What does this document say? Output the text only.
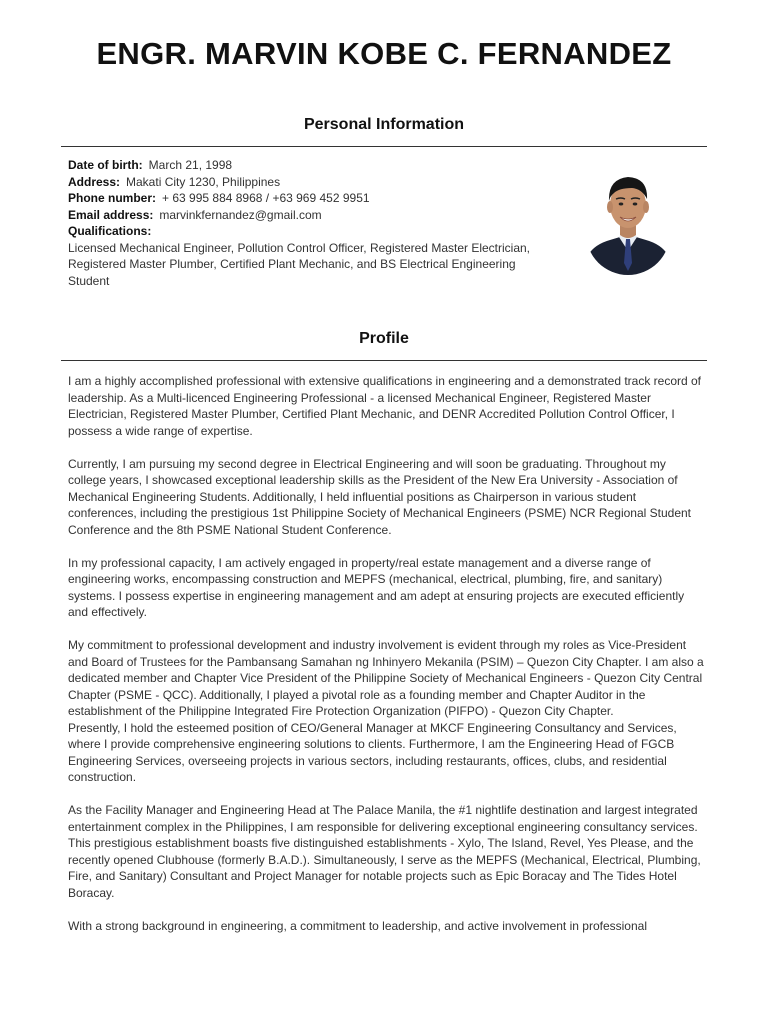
ENGR. MARVIN KOBE C. FERNANDEZ
Personal Information
Date of birth: March 21, 1998
Address: Makati City 1230, Philippines
Phone number: + 63 995 884 8968 / +63 969 452 9951
Email address: marvinkfernandez@gmail.com
Qualifications:
Licensed Mechanical Engineer, Pollution Control Officer, Registered Master Electrician, Registered Master Plumber, Certified Plant Mechanic, and BS Electrical Engineering Student
Profile

I am a highly accomplished professional with extensive qualifications in engineering and a demonstrated track record of leadership. As a Multi-licenced Engineering Professional - a licensed Mechanical Engineer, Registered Master Electrician, Registered Master Plumber, Certified Plant Mechanic, and DENR Accredited Pollution Control Officer, I possess a wide range of expertise.

Currently, I am pursuing my second degree in Electrical Engineering and will soon be graduating. Throughout my college years, I showcased exceptional leadership skills as the President of the New Era University - Association of Mechanical Engineering Students. Additionally, I held influential positions as Chairperson in various student conferences, including the prestigious 1st Philippine Society of Mechanical Engineers (PSME) NCR Regional Student Conference and the 8th PSME National Student Conference.

In my professional capacity, I am actively engaged in property/real estate management and a diverse range of engineering works, encompassing construction and MEPFS (mechanical, electrical, plumbing, fire, and sanitary) systems. I possess expertise in engineering management and am adept at ensuring projects are executed efficiently and effectively.

My commitment to professional development and industry involvement is evident through my roles as Vice-President and Board of Trustees for the Pambansang Samahan ng Inhinyero Mekanila (PSIM) – Quezon City Chapter. I am also a dedicated member and Chapter Vice President of the Philippine Society of Mechanical Engineers - Quezon City Central Chapter (PSME - QCC). Additionally, I played a pivotal role as a founding member and Chapter Auditor in the establishment of the Philippine Integrated Fire Protection Organization (PIFPO) - Quezon City Chapter.

Presently, I hold the esteemed position of CEO/General Manager at MKCF Engineering Consultancy and Services, where I provide comprehensive engineering solutions to clients. Furthermore, I am the Engineering Head of FGCB Engineering Services, overseeing projects in various sectors, including restaurants, offices, clubs, and residential construction.

As the Facility Manager and Engineering Head at The Palace Manila, the #1 nightlife destination and largest integrated entertainment complex in the Philippines, I am responsible for delivering exceptional engineering consultancy services. This prestigious establishment boasts five distinguished establishments - Xylo, The Island, Revel, Yes Please, and the recently opened Clubhouse (formerly B.A.D.). Simultaneously, I serve as the MEPFS (Mechanical, Electrical, Plumbing, Fire, and Sanitary) Consultant and Project Manager for notable projects such as Epic Boracay and The Tides Hotel Boracay.

With a strong background in engineering, a commitment to leadership, and active involvement in professional
